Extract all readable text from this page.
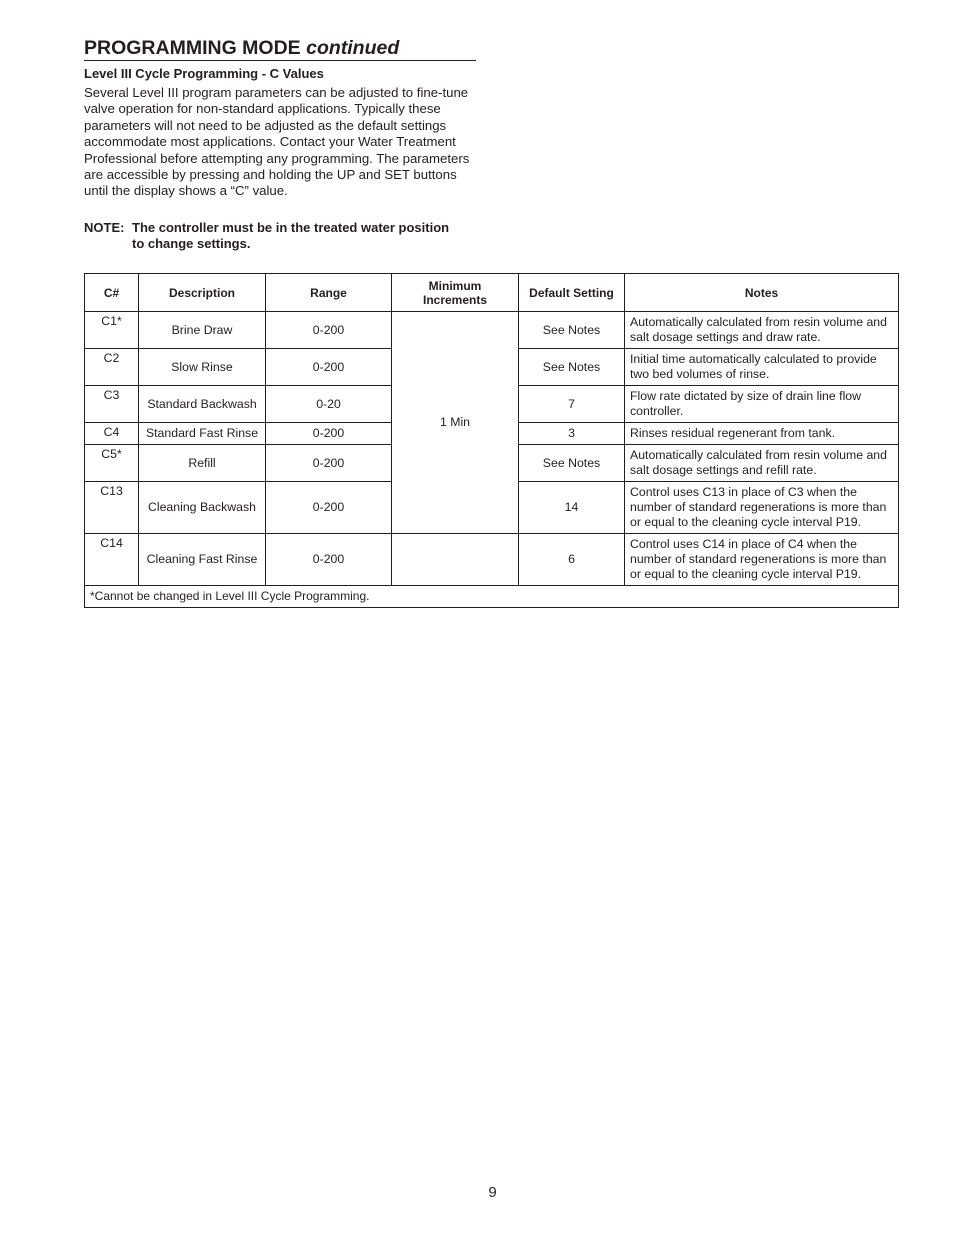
PROGRAMMING MODE continued
Level III Cycle Programming - C Values
Several Level III program parameters can be adjusted to fine-tune valve operation for non-standard applications. Typically these parameters will not need to be adjusted as the default settings accommodate most applications. Contact your Water Treatment Professional before attempting any programming. The parameters are accessible by pressing and holding the UP and SET buttons until the display shows a “C” value.
NOTE: The controller must be in the treated water position
to change settings.
C#	Description	Range	Minimum Increments	Default Setting	Notes
C1*	Brine Draw	0-200	1 Min	See Notes	Automatically calculated from resin volume and salt dosage settings and draw rate.
C2	Slow Rinse	0-200		See Notes	Initial time automatically calculated to provide two bed volumes of rinse.
C3	Standard Backwash	0-20		7	Flow rate dictated by size of drain line flow controller.
C4	Standard Fast Rinse	0-200		3	Rinses residual regenerant from tank.
C5*	Refill	0-200		See Notes	Automatically calculated from resin volume and salt dosage settings and refill rate.
C13	Cleaning Backwash	0-200		14	Control uses C13 in place of C3 when the number of standard regenerations is more than or equal to the cleaning cycle interval P19.
C14	Cleaning Fast Rinse	0-200		6	Control uses C14 in place of C4 when the number of standard regenerations is more than or equal to the cleaning cycle interval P19.
*Cannot be changed in Level III Cycle Programming.					
9
